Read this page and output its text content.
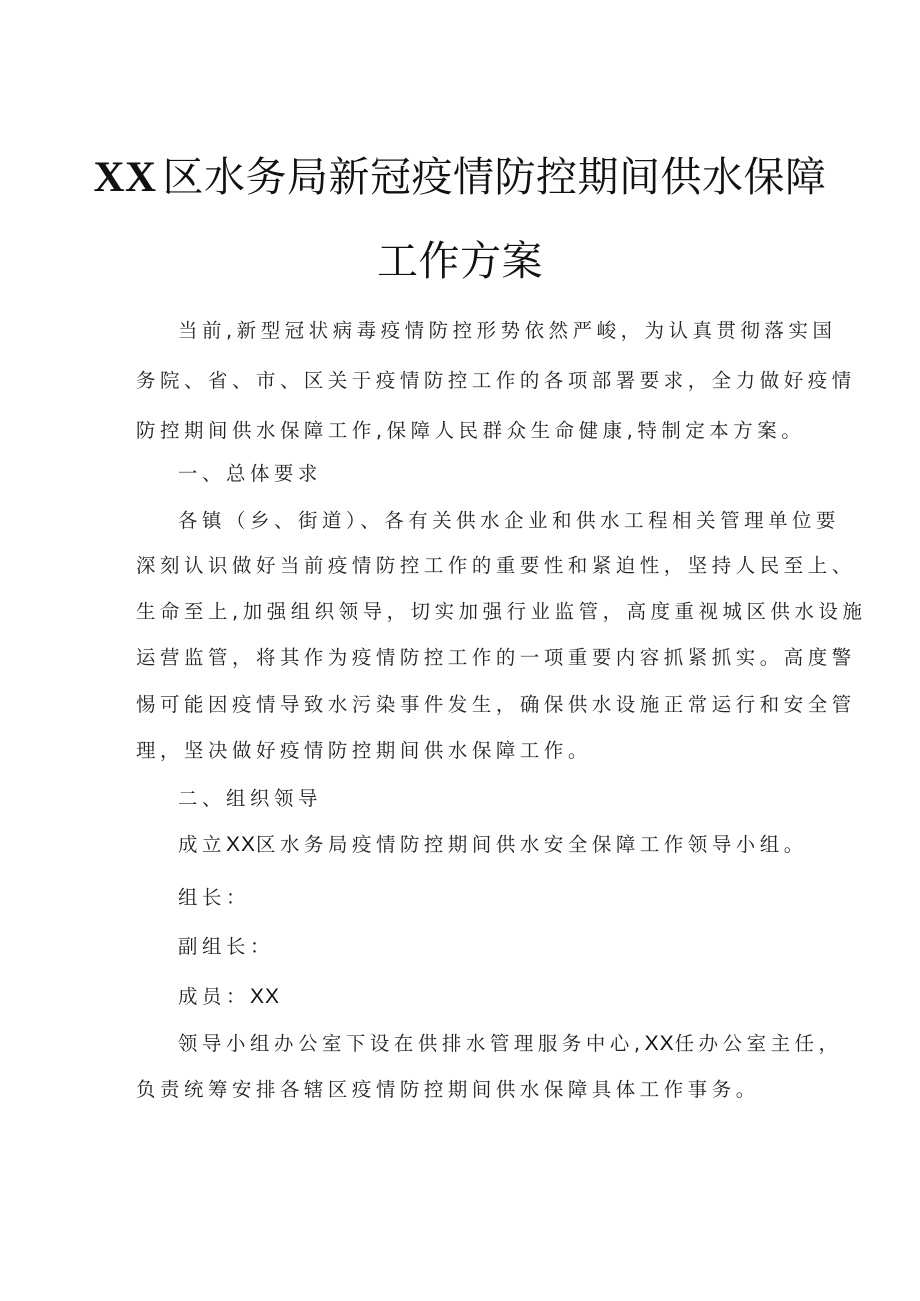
XX 区水务局新冠疫情防控期间供水保障
工作方案
当前,新型冠状病毒疫情防控形势依然严峻，为认真贯彻落实国
务院、省、市、区关于疫情防控工作的各项部署要求，全力做好疫情
防控期间供水保障工作,保障人民群众生命健康,特制定本方案。
一、总体要求
各镇（乡、街道）、各有关供水企业和供水工程相关管理单位要
深刻认识做好当前疫情防控工作的重要性和紧迫性，坚持人民至上、
生命至上,加强组织领导，切实加强行业监管，高度重视城区供水设施
运营监管，将其作为疫情防控工作的一项重要内容抓紧抓实。高度警
惕可能因疫情导致水污染事件发生，确保供水设施正常运行和安全管
理，坚决做好疫情防控期间供水保障工作。
二、组织领导
成立XX区水务局疫情防控期间供水安全保障工作领导小组。
组长：
副组长：
成员：XX
领导小组办公室下设在供排水管理服务中心,XX任办公室主任，
负责统筹安排各辖区疫情防控期间供水保障具体工作事务。
